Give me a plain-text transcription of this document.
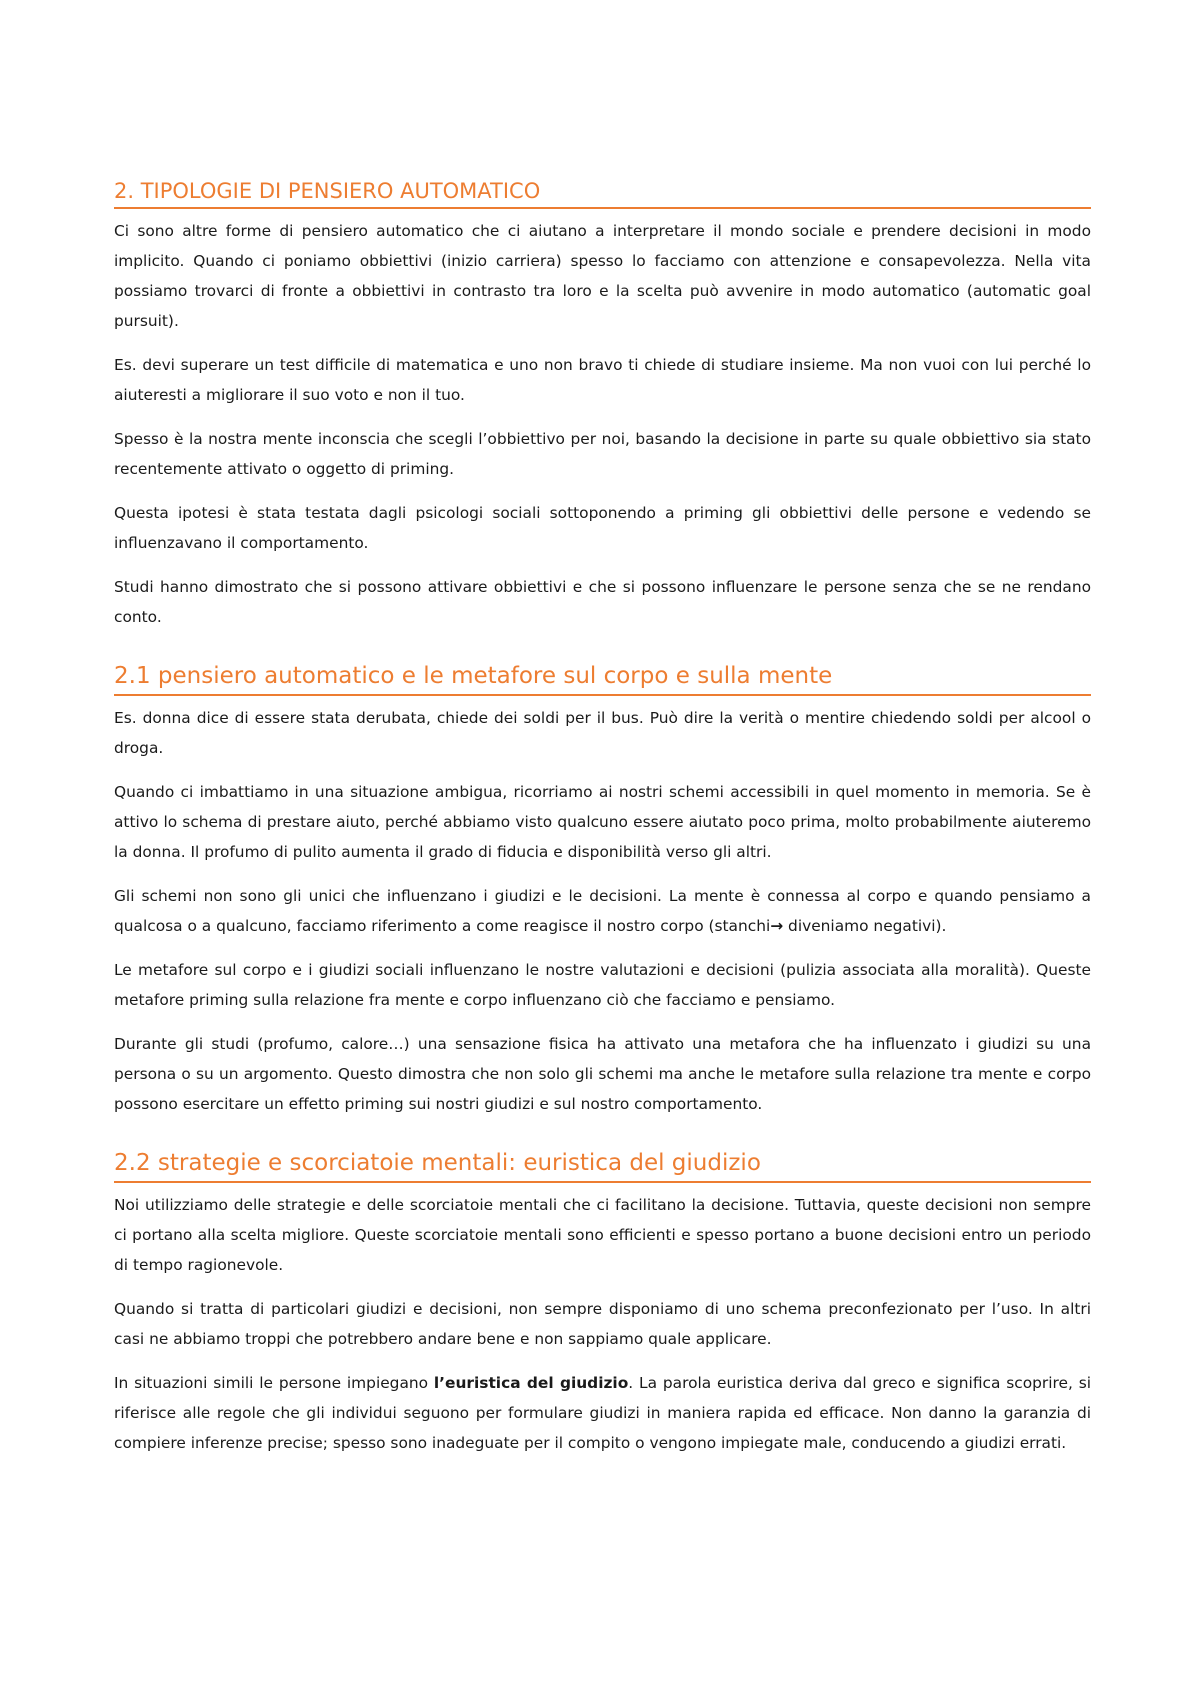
2. TIPOLOGIE DI PENSIERO AUTOMATICO

Ci sono altre forme di pensiero automatico che ci aiutano a interpretare il mondo sociale e prendere decisioni in modo implicito. Quando ci poniamo obbiettivi (inizio carriera) spesso lo facciamo con attenzione e consapevolezza. Nella vita possiamo trovarci di fronte a obbiettivi in contrasto tra loro e la scelta può avvenire in modo automatico (automatic goal pursuit).

Es. devi superare un test difficile di matematica e uno non bravo ti chiede di studiare insieme. Ma non vuoi con lui perché lo aiuteresti a migliorare il suo voto e non il tuo.

Spesso è la nostra mente inconscia che scegli l’obbiettivo per noi, basando la decisione in parte su quale obbiettivo sia stato recentemente attivato o oggetto di priming.

Questa ipotesi è stata testata dagli psicologi sociali sottoponendo a priming gli obbiettivi delle persone e vedendo se influenzavano il comportamento.

Studi hanno dimostrato che si possono attivare obbiettivi e che si possono influenzare le persone senza che se ne rendano conto.

2.1 pensiero automatico e le metafore sul corpo e sulla mente

Es. donna dice di essere stata derubata, chiede dei soldi per il bus. Può dire la verità o mentire chiedendo soldi per alcool o droga.

Quando ci imbattiamo in una situazione ambigua, ricorriamo ai nostri schemi accessibili in quel momento in memoria. Se è attivo lo schema di prestare aiuto, perché abbiamo visto qualcuno essere aiutato poco prima, molto probabilmente aiuteremo la donna. Il profumo di pulito aumenta il grado di fiducia e disponibilità verso gli altri.

Gli schemi non sono gli unici che influenzano i giudizi e le decisioni. La mente è connessa al corpo e quando pensiamo a qualcosa o a qualcuno, facciamo riferimento a come reagisce il nostro corpo (stanchi→ diveniamo negativi).

Le metafore sul corpo e i giudizi sociali influenzano le nostre valutazioni e decisioni (pulizia associata alla moralità). Queste metafore priming sulla relazione fra mente e corpo influenzano ciò che facciamo e pensiamo.

Durante gli studi (profumo, calore…) una sensazione fisica ha attivato una metafora che ha influenzato i giudizi su una persona o su un argomento. Questo dimostra che non solo gli schemi ma anche le metafore sulla relazione tra mente e corpo possono esercitare un effetto priming sui nostri giudizi e sul nostro comportamento.

2.2 strategie e scorciatoie mentali: euristica del giudizio

Noi utilizziamo delle strategie e delle scorciatoie mentali che ci facilitano la decisione. Tuttavia, queste decisioni non sempre ci portano alla scelta migliore. Queste scorciatoie mentali sono efficienti e spesso portano a buone decisioni entro un periodo di tempo ragionevole.

Quando si tratta di particolari giudizi e decisioni, non sempre disponiamo di uno schema preconfezionato per l’uso. In altri casi ne abbiamo troppi che potrebbero andare bene e non sappiamo quale applicare.

In situazioni simili le persone impiegano l’euristica del giudizio. La parola euristica deriva dal greco e significa scoprire, si riferisce alle regole che gli individui seguono per formulare giudizi in maniera rapida ed efficace. Non danno la garanzia di compiere inferenze precise; spesso sono inadeguate per il compito o vengono impiegate male, conducendo a giudizi errati.
